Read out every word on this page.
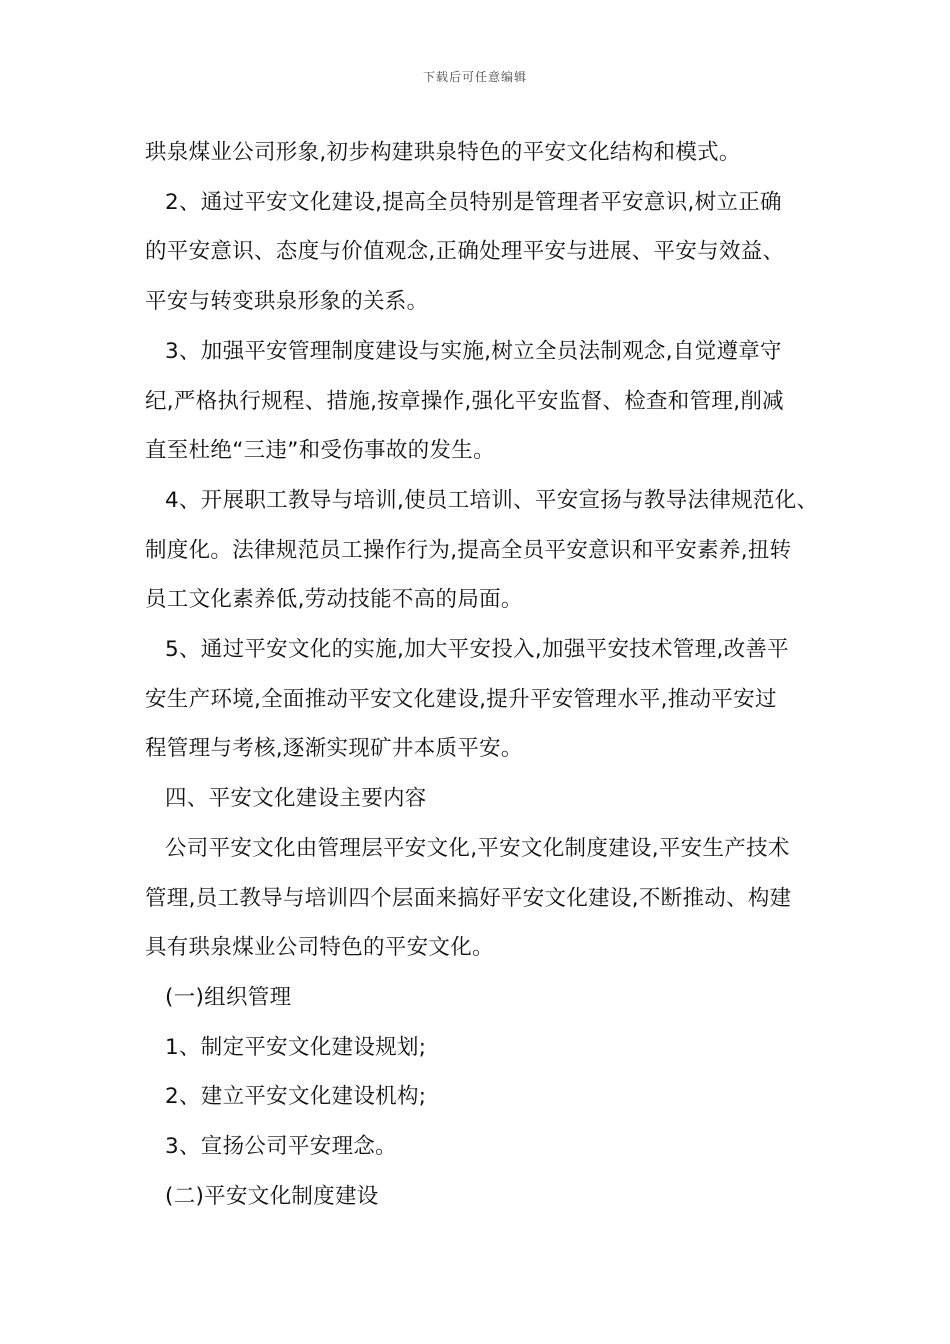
下载后可任意编辑

珙泉煤业公司形象,初步构建珙泉特色的平安文化结构和模式。

2、通过平安文化建设,提高全员特别是管理者平安意识,树立正确

的平安意识、态度与价值观念,正确处理平安与进展、平安与效益、

平安与转变珙泉形象的关系。

3、加强平安管理制度建设与实施,树立全员法制观念,自觉遵章守

纪,严格执行规程、措施,按章操作,强化平安监督、检查和管理,削减

直至杜绝“三违”和受伤事故的发生。

4、开展职工教导与培训,使员工培训、平安宣扬与教导法律规范化、

制度化。法律规范员工操作行为,提高全员平安意识和平安素养,扭转

员工文化素养低,劳动技能不高的局面。

5、通过平安文化的实施,加大平安投入,加强平安技术管理,改善平

安生产环境,全面推动平安文化建设,提升平安管理水平,推动平安过

程管理与考核,逐渐实现矿井本质平安。

四、平安文化建设主要内容

公司平安文化由管理层平安文化,平安文化制度建设,平安生产技术

管理,员工教导与培训四个层面来搞好平安文化建设,不断推动、构建

具有珙泉煤业公司特色的平安文化。

(一)组织管理

1、制定平安文化建设规划;

2、建立平安文化建设机构;

3、宣扬公司平安理念。

(二)平安文化制度建设
